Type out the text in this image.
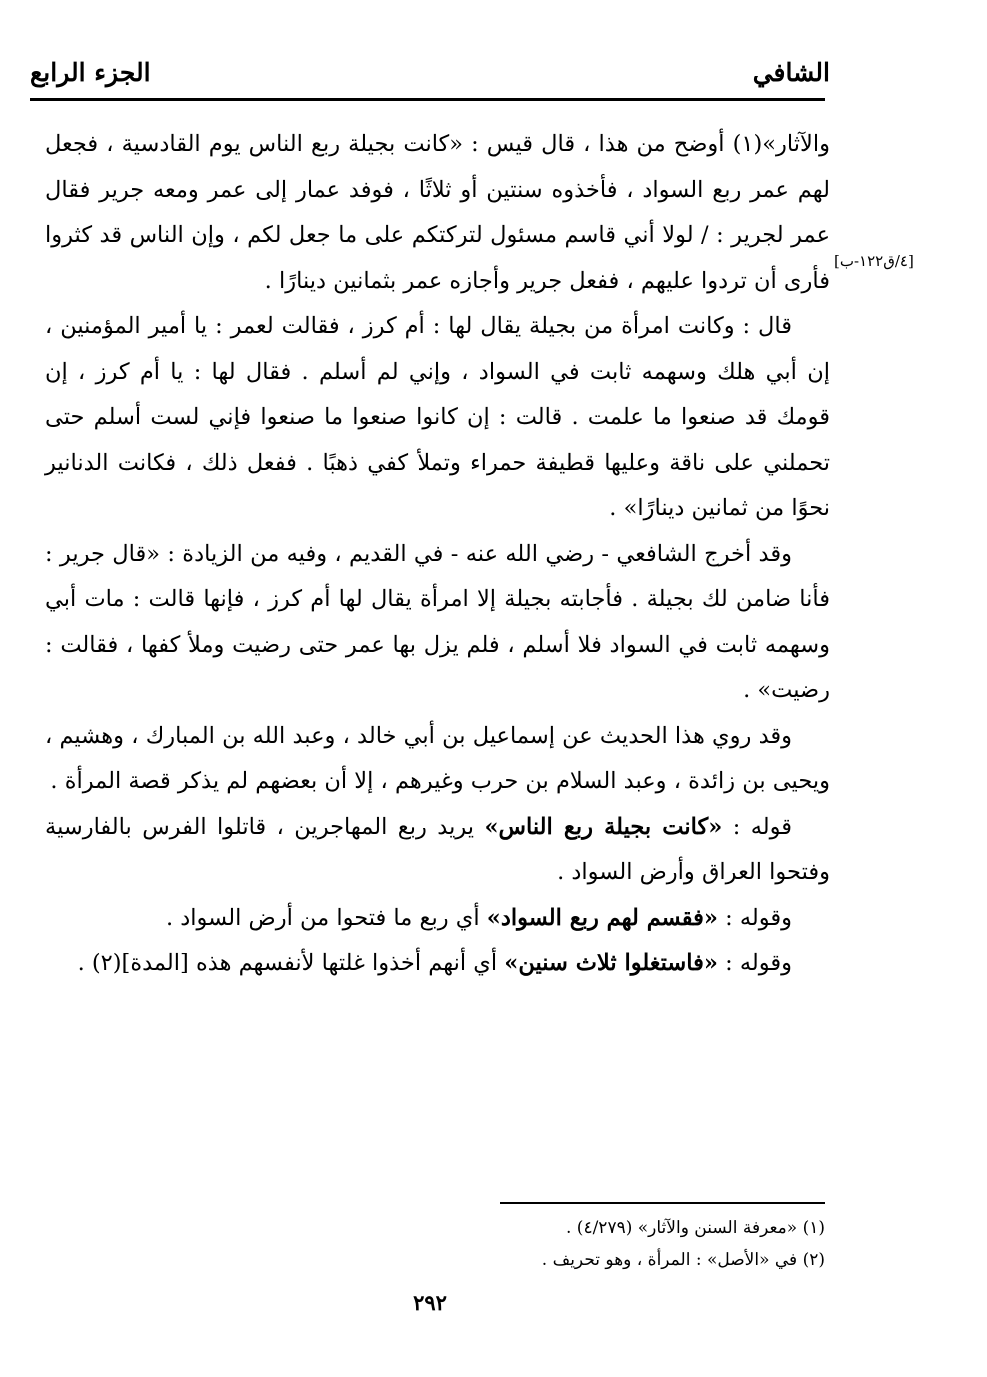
الشافي
الجزء الرابع
[٤/ق١٢٢-ب]

والآثار»(١) أوضح من هذا ، قال قيس : «كانت بجيلة ربع الناس يوم القادسية ، فجعل لهم عمر ربع السواد ، فأخذوه سنتين أو ثلاثًا ، فوفد عمار إلى عمر ومعه جرير فقال عمر لجرير : / لولا أني قاسم مسئول لتركتكم على ما جعل لكم ، وإن الناس قد كثروا فأرى أن تردوا عليهم ، ففعل جرير وأجازه عمر بثمانين دينارًا .

قال : وكانت امرأة من بجيلة يقال لها : أم كرز ، فقالت لعمر : يا أمير المؤمنين ، إن أبي هلك وسهمه ثابت في السواد ، وإني لم أسلم . فقال لها : يا أم كرز ، إن قومك قد صنعوا ما علمت . قالت : إن كانوا صنعوا ما صنعوا فإني لست أسلم حتى تحملني على ناقة وعليها قطيفة حمراء وتملأ كفي ذهبًا . ففعل ذلك ، فكانت الدنانير نحوًا من ثمانين دينارًا» .

وقد أخرج الشافعي - رضي الله عنه - في القديم ، وفيه من الزيادة : «قال جرير : فأنا ضامن لك بجيلة . فأجابته بجيلة إلا امرأة يقال لها أم كرز ، فإنها قالت : مات أبي وسهمه ثابت في السواد فلا أسلم ، فلم يزل بها عمر حتى رضيت وملأ كفها ، فقالت : رضيت» .

وقد روي هذا الحديث عن إسماعيل بن أبي خالد ، وعبد الله بن المبارك ، وهشيم ، ويحيى بن زائدة ، وعبد السلام بن حرب وغيرهم ، إلا أن بعضهم لم يذكر قصة المرأة .

قوله : «كانت بجيلة ربع الناس» يريد ربع المهاجرين ، قاتلوا الفرس بالفارسية وفتحوا العراق وأرض السواد .

وقوله : «فقسم لهم ربع السواد» أي ربع ما فتحوا من أرض السواد .

وقوله : «فاستغلوا ثلاث سنين» أي أنهم أخذوا غلتها لأنفسهم هذه [المدة](٢) .

(١) «معرفة السنن والآثار» (٤/٢٧٩) .

(٢) في «الأصل» : المرأة ، وهو تحريف .

٢٩٢
